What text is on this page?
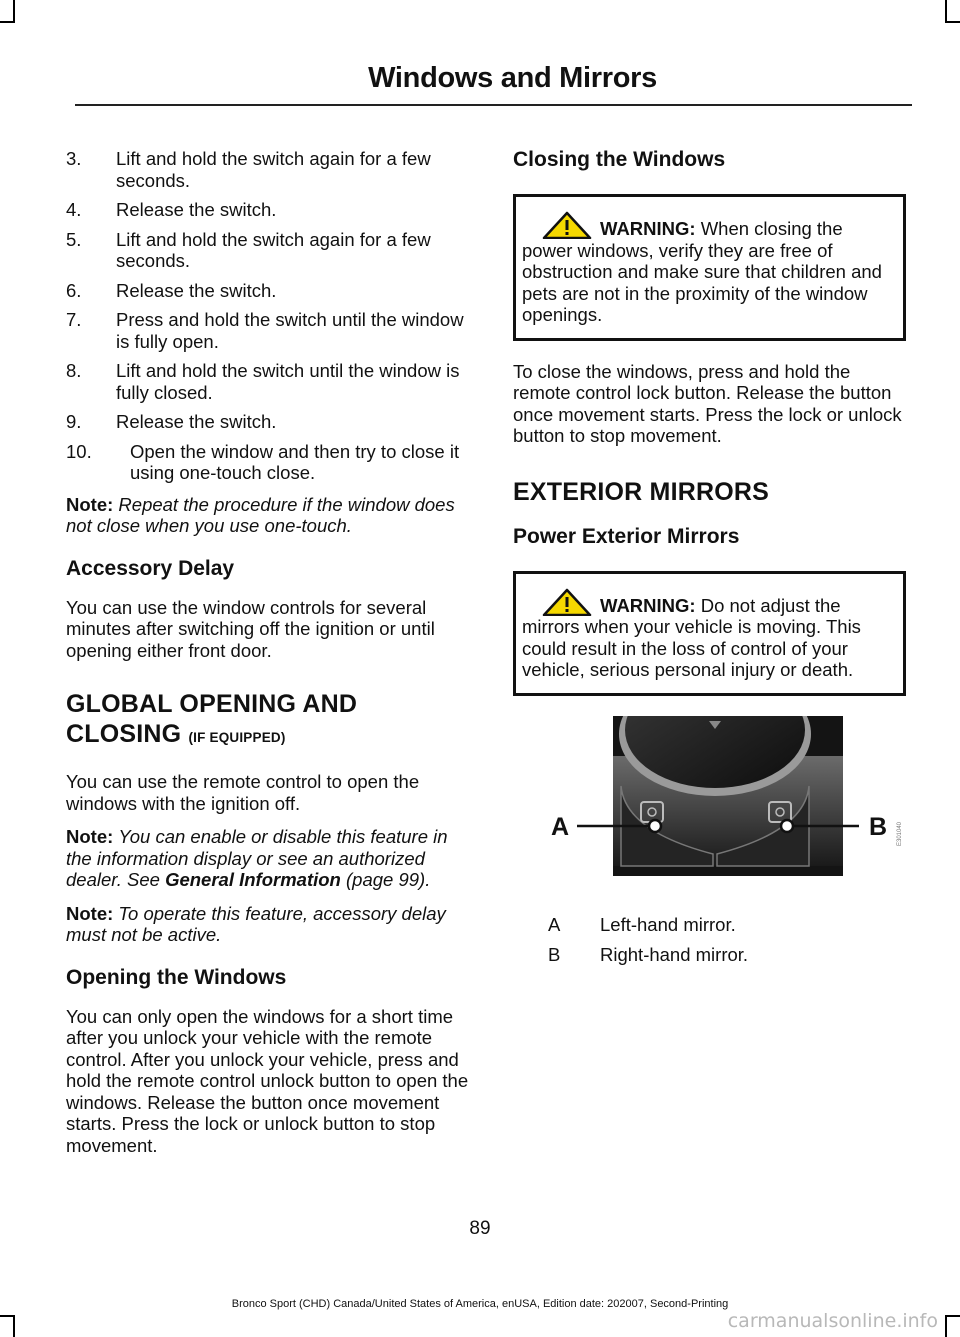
Windows and Mirrors
3. Lift and hold the switch again for a few seconds.
4. Release the switch.
5. Lift and hold the switch again for a few seconds.
6. Release the switch.
7. Press and hold the switch until the window is fully open.
8. Lift and hold the switch until the window is fully closed.
9. Release the switch.
10. Open the window and then try to close it using one-touch close.

Note: Repeat the procedure if the window does not close when you use one-touch.

Accessory Delay

You can use the window controls for several minutes after switching off the ignition or until opening either front door.

GLOBAL OPENING AND CLOSING (IF EQUIPPED)

You can use the remote control to open the windows with the ignition off.

Note: You can enable or disable this feature in the information display or see an authorized dealer. See General Information (page 99).

Note: To operate this feature, accessory delay must not be active.

Opening the Windows

You can only open the windows for a short time after you unlock your vehicle with the remote control. After you unlock your vehicle, press and hold the remote control unlock button to open the windows. Release the button once movement starts. Press the lock or unlock button to stop movement.

Closing the Windows
WARNING: When closing the power windows, verify they are free of obstruction and make sure that children and pets are not in the proximity of the window openings.

To close the windows, press and hold the remote control lock button. Release the button once movement starts. Press the lock or unlock button to stop movement.

EXTERIOR MIRRORS
Power Exterior Mirrors
WARNING: Do not adjust the mirrors when your vehicle is moving. This could result in the loss of control of your vehicle, serious personal injury or death.
A	B E301040
A	Left-hand mirror.
B	Right-hand mirror.
89
Bronco Sport (CHD) Canada/United States of America, enUSA, Edition date: 202007, Second-Printing
carmanualsonline.info
